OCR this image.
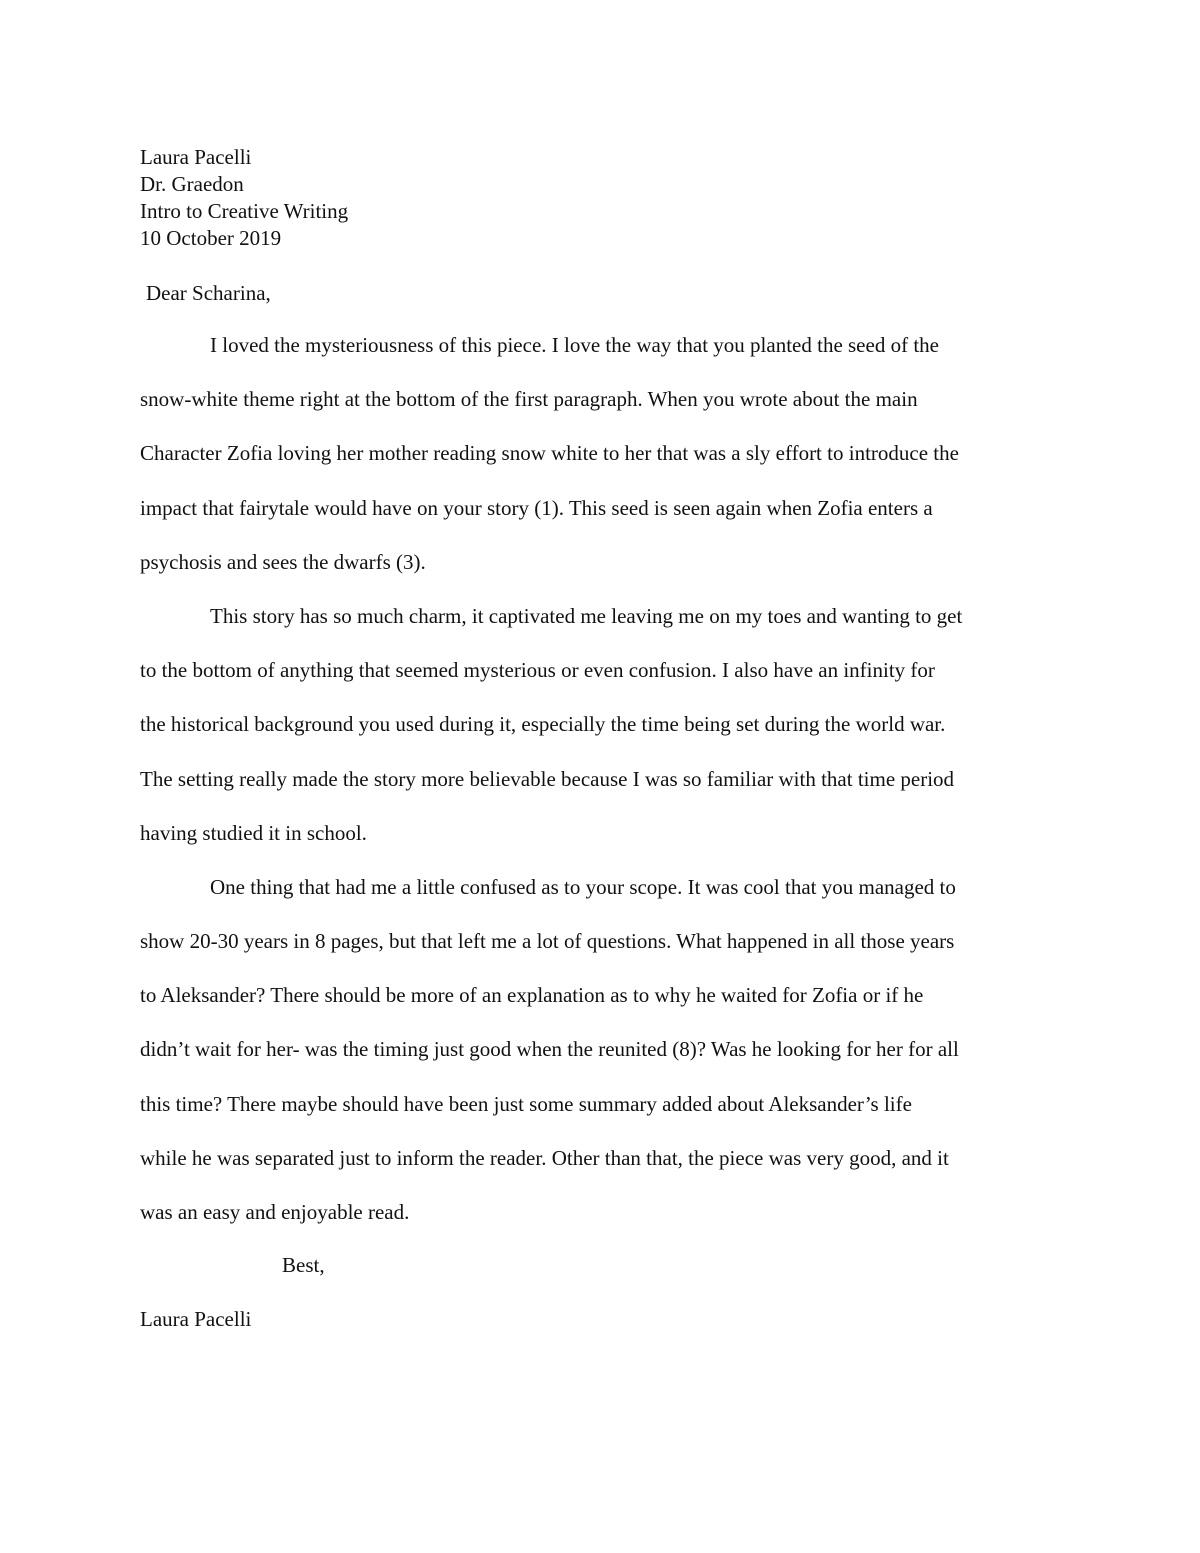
Laura Pacelli
Dr. Graedon
Intro to Creative Writing
10 October 2019
Dear Scharina,
I loved the mysteriousness of this piece. I love the way that you planted the seed of the
snow-white theme right at the bottom of the first paragraph. When you wrote about the main
Character Zofia loving her mother reading snow white to her that was a sly effort to introduce the
impact that fairytale would have on your story (1). This seed is seen again when Zofia enters a
psychosis and sees the dwarfs (3).
This story has so much charm, it captivated me leaving me on my toes and wanting to get
to the bottom of anything that seemed mysterious or even confusion. I also have an infinity for
the historical background you used during it, especially the time being set during the world war.
The setting really made the story more believable because I was so familiar with that time period
having studied it in school.
One thing that had me a little confused as to your scope. It was cool that you managed to
show 20-30 years in 8 pages, but that left me a lot of questions. What happened in all those years
to Aleksander? There should be more of an explanation as to why he waited for Zofia or if he
didn’t wait for her- was the timing just good when the reunited (8)? Was he looking for her for all
this time? There maybe should have been just some summary added about Aleksander’s life
while he was separated just to inform the reader. Other than that, the piece was very good, and it
was an easy and enjoyable read.
Best,
Laura Pacelli
